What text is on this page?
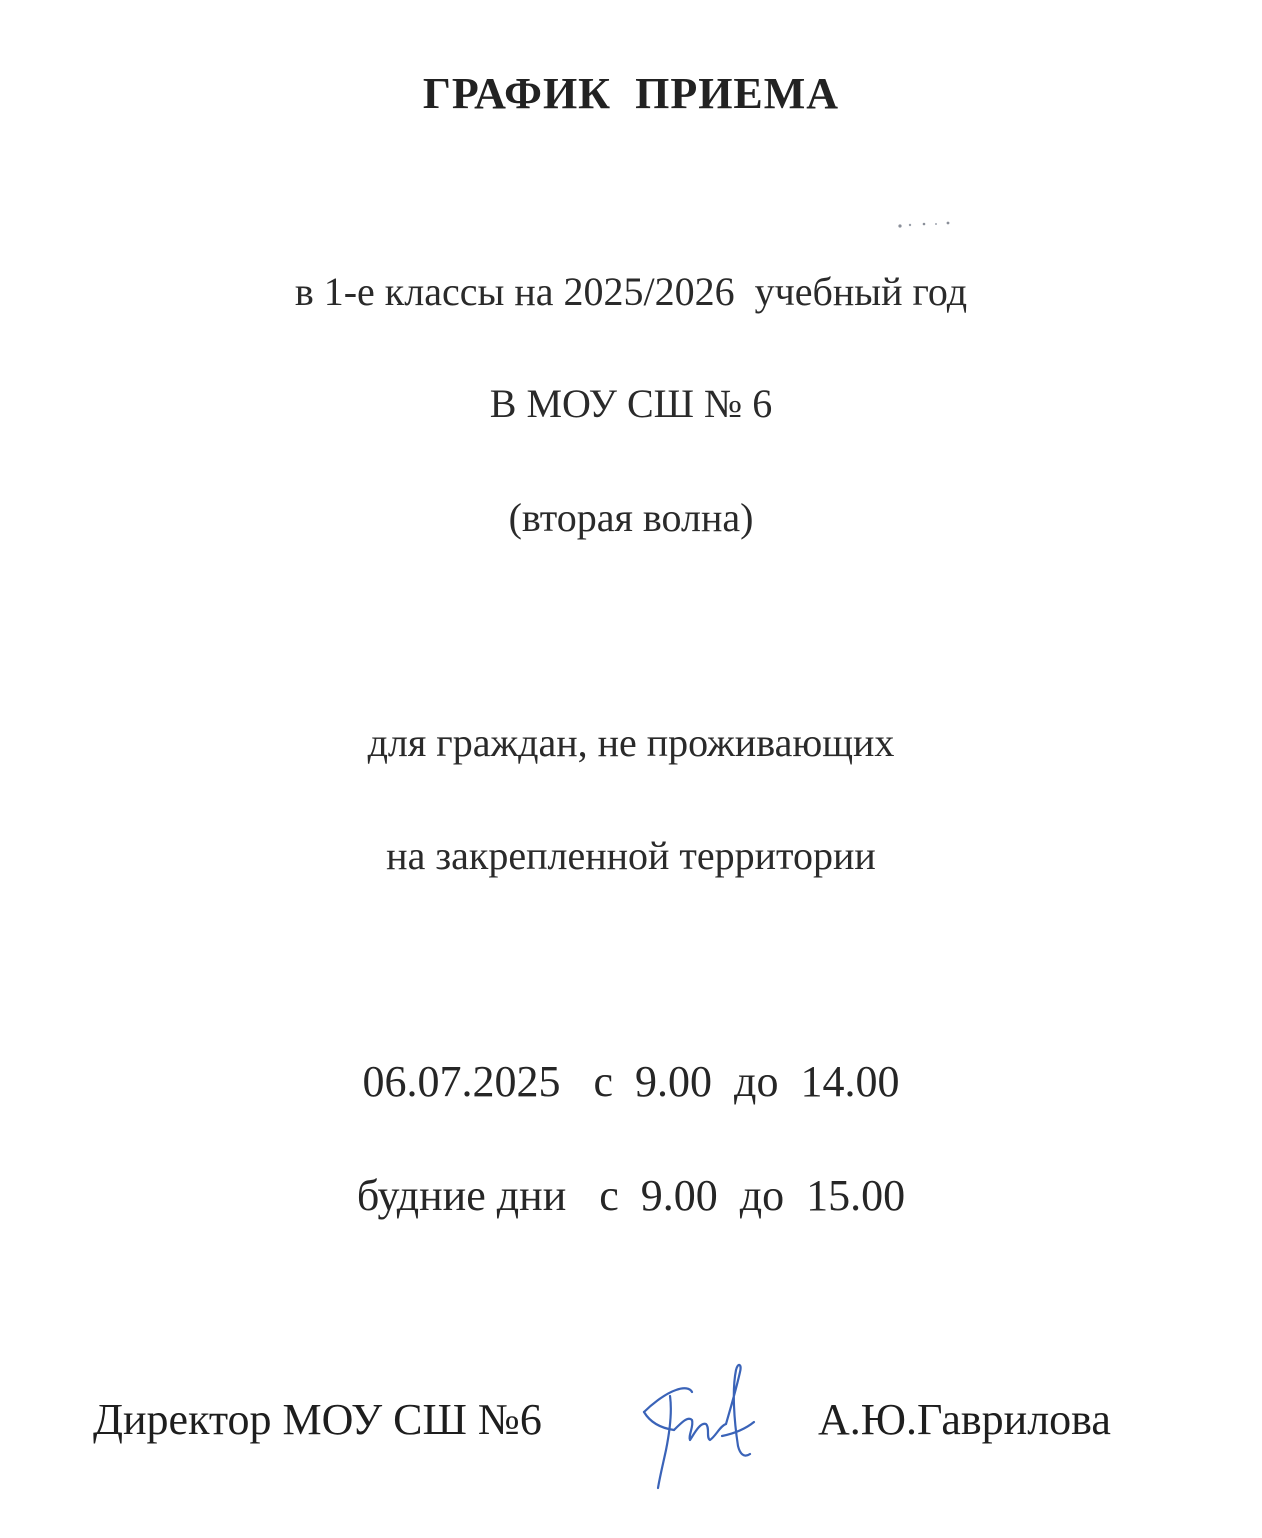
ГРАФИК  ПРИЕМА
в 1-е классы на 2025/2026  учебный год
В МОУ СШ № 6
(вторая волна)
для граждан, не проживающих
на закрепленной территории
06.07.2025   с  9.00  до  14.00
будние дни   с  9.00  до  15.00
Директор МОУ СШ №6	А.Ю.Гаврилова
